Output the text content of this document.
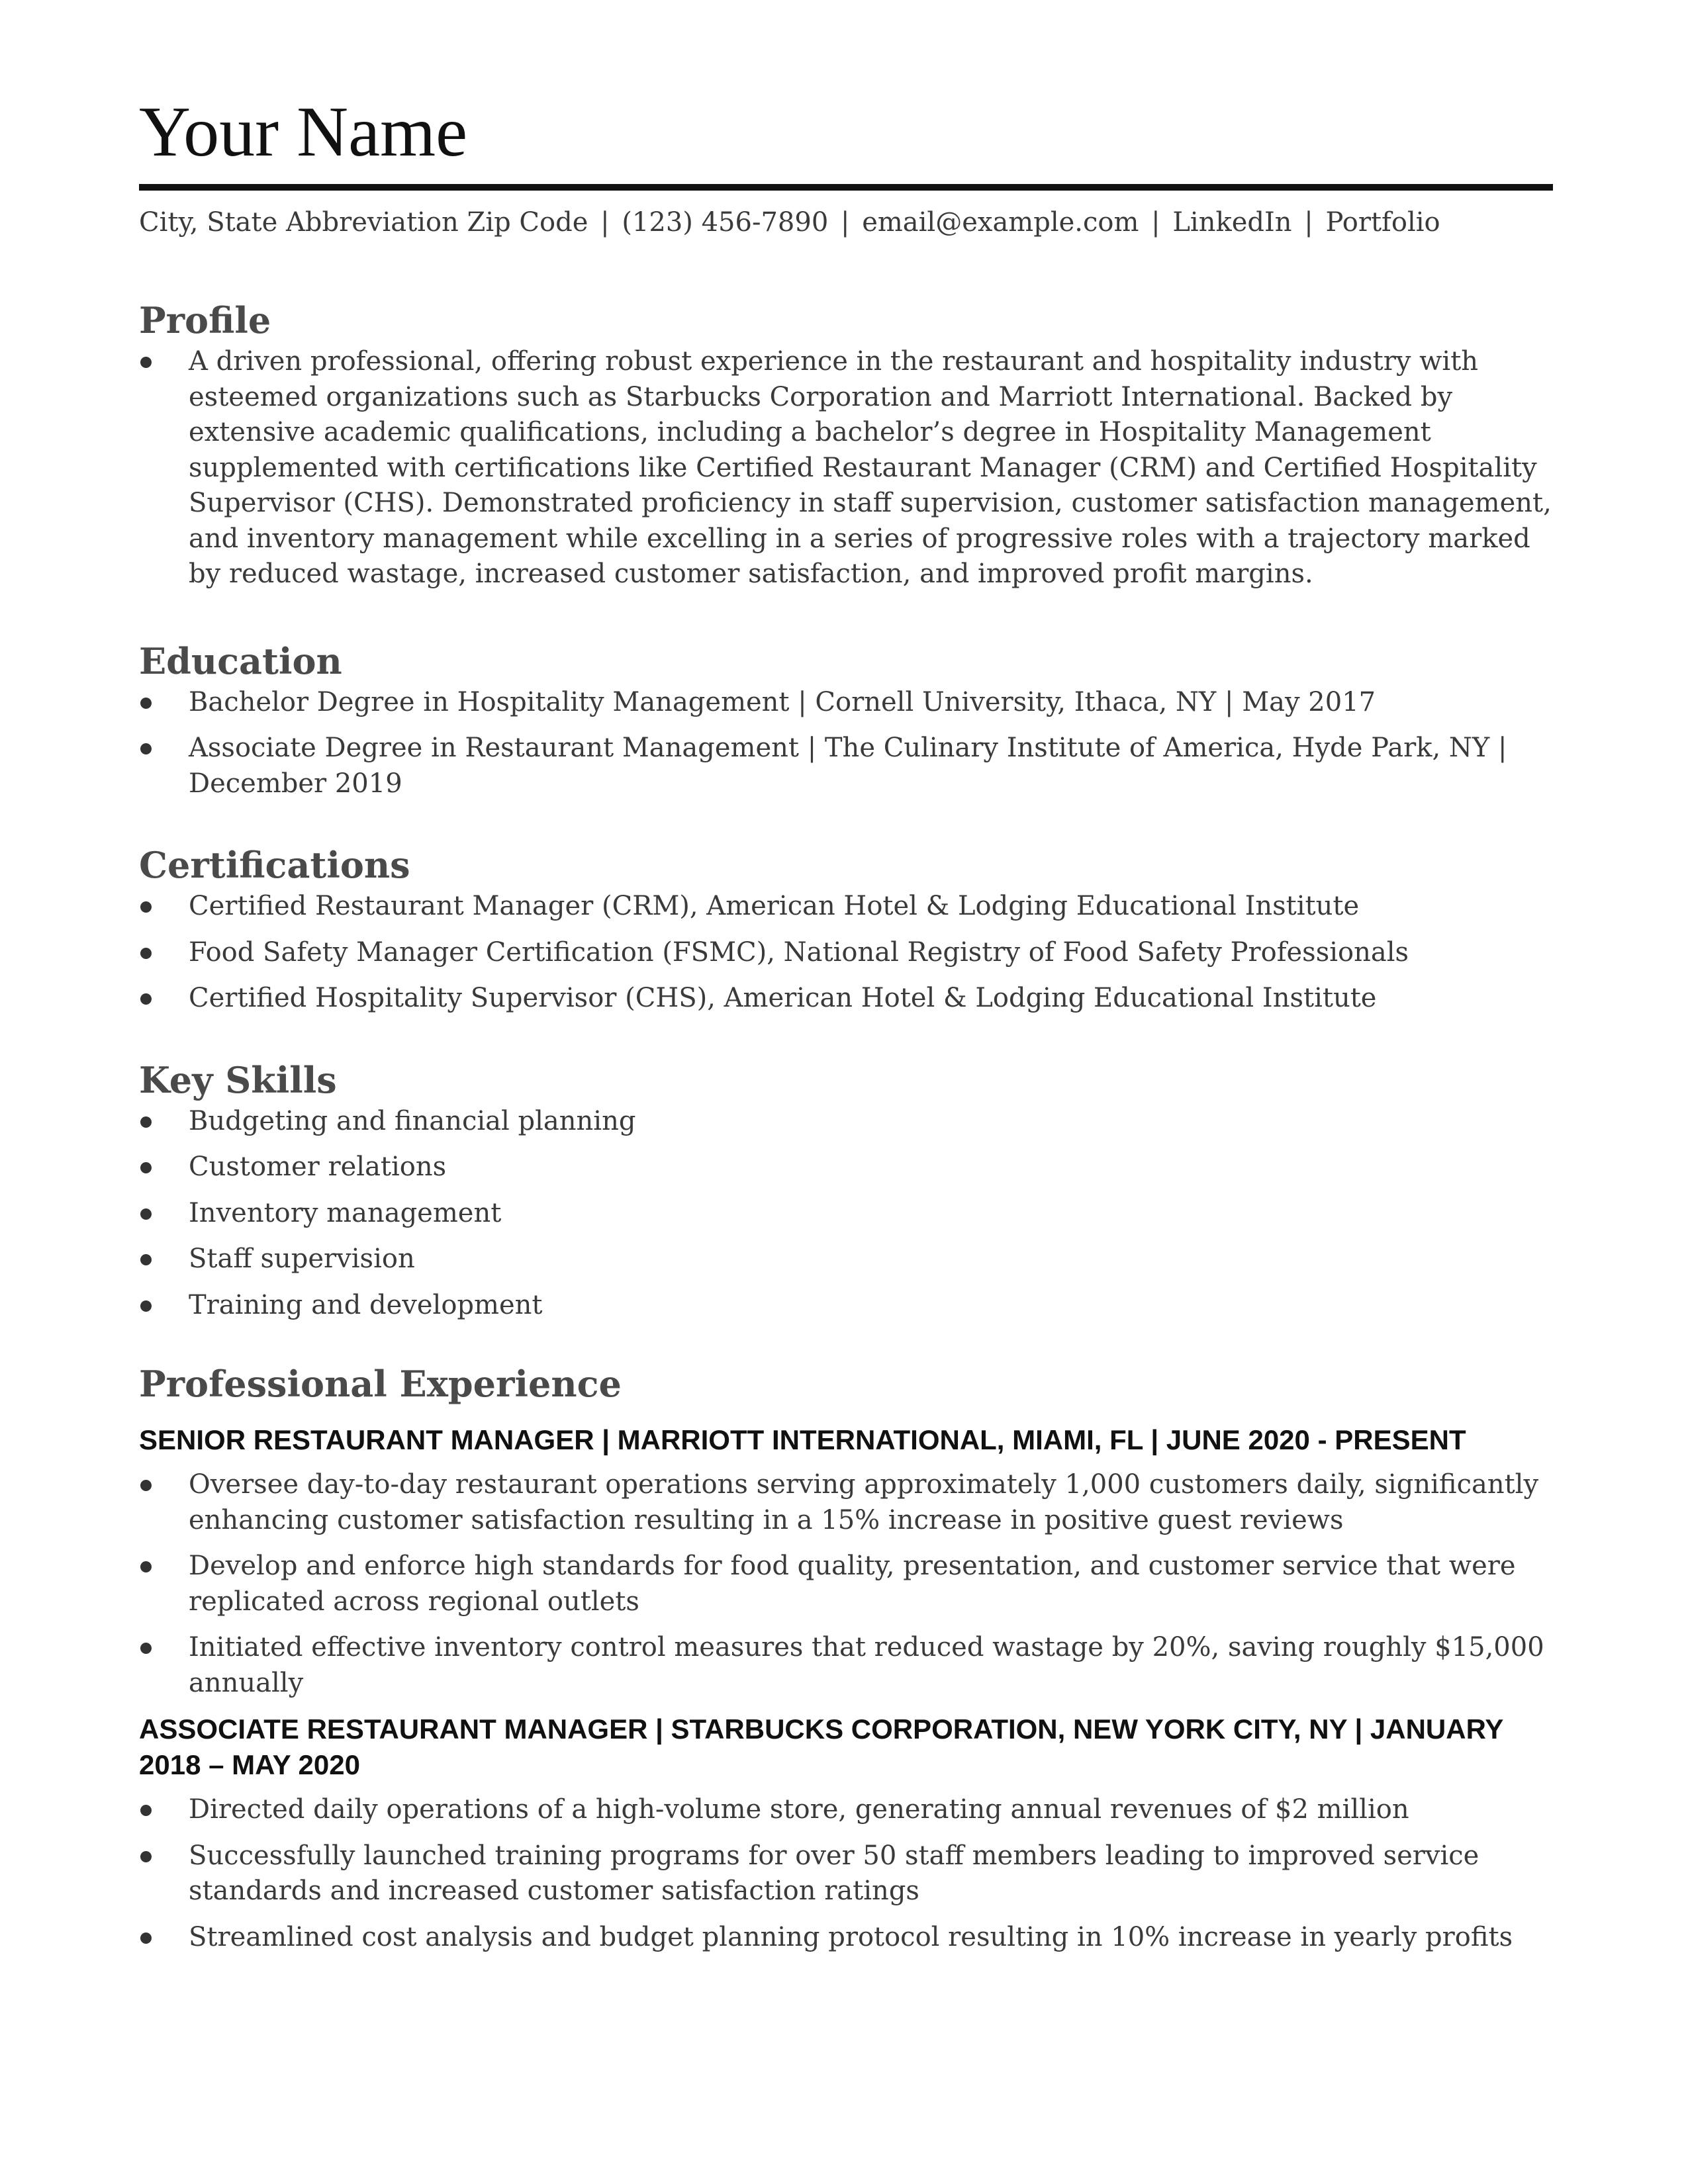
Your Name
City, State Abbreviation Zip Code | (123) 456-7890 | email@example.com | LinkedIn | Portfolio
Profile
A driven professional, offering robust experience in the restaurant and hospitality industry with esteemed organizations such as Starbucks Corporation and Marriott International. Backed by extensive academic qualifications, including a bachelor’s degree in Hospitality Management supplemented with certifications like Certified Restaurant Manager (CRM) and Certified Hospitality Supervisor (CHS). Demonstrated proficiency in staff supervision, customer satisfaction management, and inventory management while excelling in a series of progressive roles with a trajectory marked by reduced wastage, increased customer satisfaction, and improved profit margins.
Education
Bachelor Degree in Hospitality Management | Cornell University, Ithaca, NY | May 2017
Associate Degree in Restaurant Management | The Culinary Institute of America, Hyde Park, NY | December 2019
Certifications
Certified Restaurant Manager (CRM), American Hotel & Lodging Educational Institute
Food Safety Manager Certification (FSMC), National Registry of Food Safety Professionals
Certified Hospitality Supervisor (CHS), American Hotel & Lodging Educational Institute
Key Skills
Budgeting and financial planning
Customer relations
Inventory management
Staff supervision
Training and development
Professional Experience
SENIOR RESTAURANT MANAGER | MARRIOTT INTERNATIONAL, MIAMI, FL | JUNE 2020 - PRESENT
Oversee day-to-day restaurant operations serving approximately 1,000 customers daily, significantly enhancing customer satisfaction resulting in a 15% increase in positive guest reviews
Develop and enforce high standards for food quality, presentation, and customer service that were replicated across regional outlets
Initiated effective inventory control measures that reduced wastage by 20%, saving roughly $15,000 annually
ASSOCIATE RESTAURANT MANAGER | STARBUCKS CORPORATION, NEW YORK CITY, NY | JANUARY 2018 – MAY 2020
Directed daily operations of a high-volume store, generating annual revenues of $2 million
Successfully launched training programs for over 50 staff members leading to improved service standards and increased customer satisfaction ratings
Streamlined cost analysis and budget planning protocol resulting in 10% increase in yearly profits
